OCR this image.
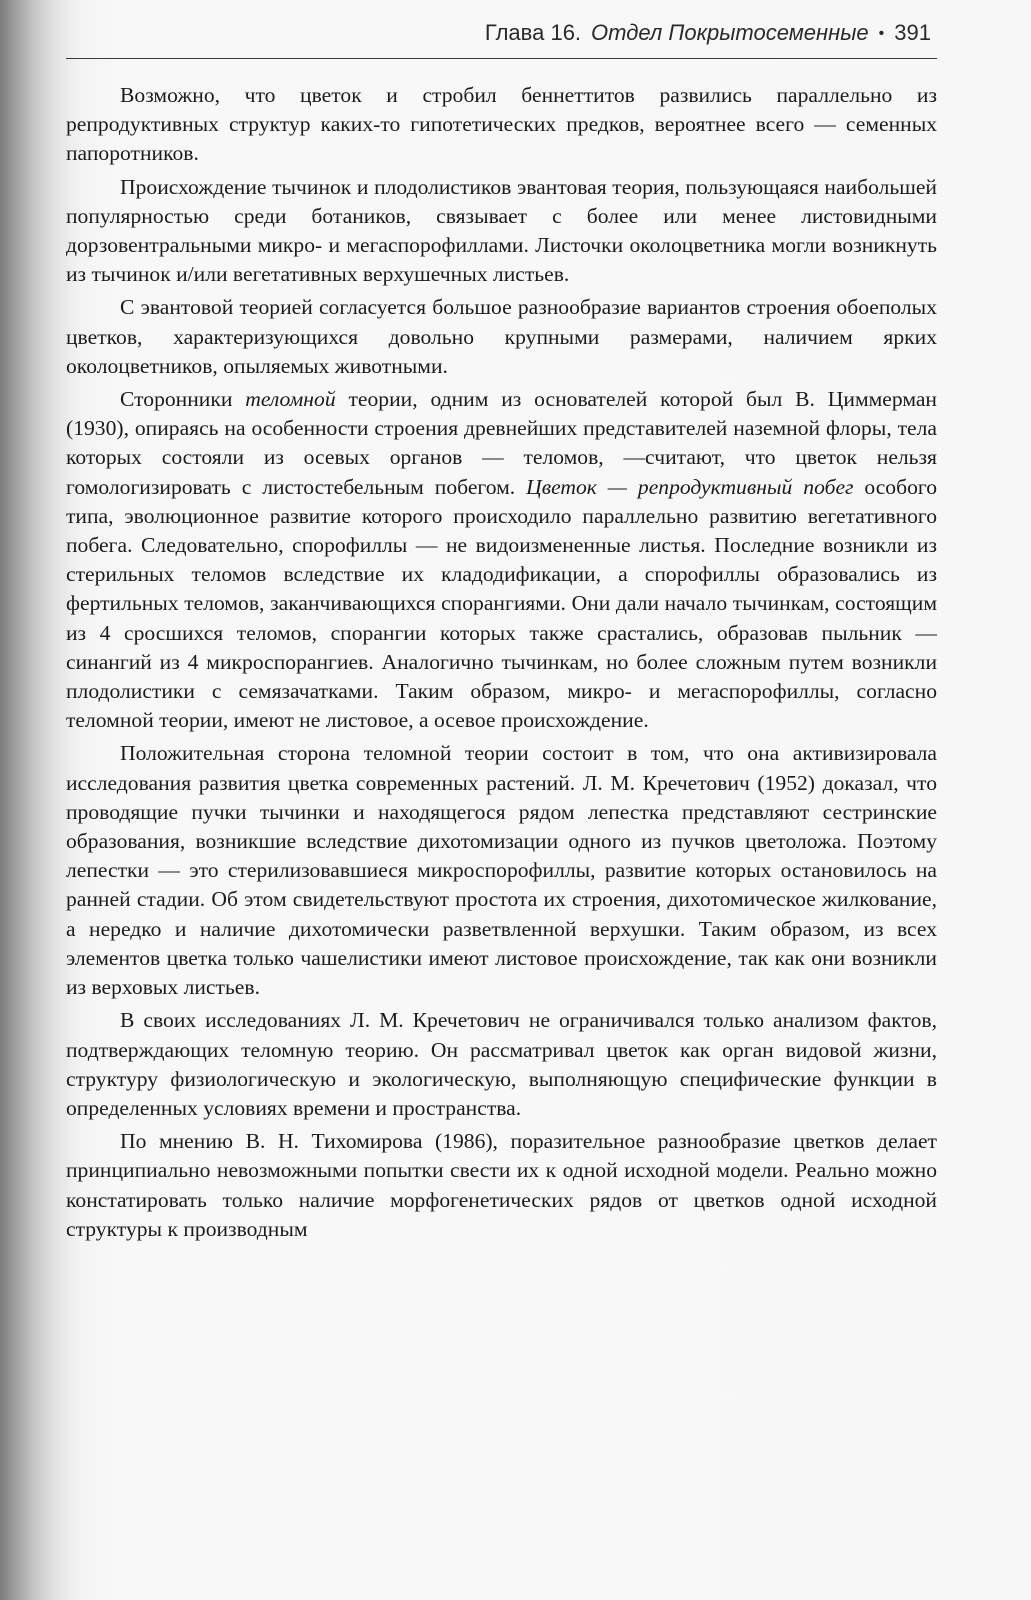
Глава 16. Отдел Покрытосеменные • 391

Возможно, что цветок и стробил беннеттитов развились параллельно из репродуктивных структур каких-то гипотетических предков, вероятнее всего — семенных папоротников.

Происхождение тычинок и плодолистиков эвантовая теория, пользующаяся наибольшей популярностью среди ботаников, связывает с более или менее листовидными дорзовентральными микро- и мегаспорофиллами. Листочки околоцветника могли возникнуть из тычинок и/или вегетативных верхушечных листьев.

С эвантовой теорией согласуется большое разнообразие вариантов строения обоеполых цветков, характеризующихся довольно крупными размерами, наличием ярких околоцветников, опыляемых животными.

Сторонники теломной теории, одним из основателей которой был В. Циммерман (1930), опираясь на особенности строения древнейших представителей наземной флоры, тела которых состояли из осевых органов — теломов, —считают, что цветок нельзя гомологизировать с листостебельным побегом. Цветок — репродуктивный побег особого типа, эволюционное развитие которого происходило параллельно развитию вегетативного побега. Следовательно, спорофиллы — не видоизмененные листья. Последние возникли из стерильных теломов вследствие их кладодификации, а спорофиллы образовались из фертильных теломов, заканчивающихся спорангиями. Они дали начало тычинкам, состоящим из 4 сросшихся теломов, спорангии которых также срастались, образовав пыльник — синангий из 4 микроспорангиев. Аналогично тычинкам, но более сложным путем возникли плодолистики с семязачатками. Таким образом, микро- и мегаспорофиллы, согласно теломной теории, имеют не листовое, а осевое происхождение.

Положительная сторона теломной теории состоит в том, что она активизировала исследования развития цветка современных растений. Л. М. Кречетович (1952) доказал, что проводящие пучки тычинки и находящегося рядом лепестка представляют сестринские образования, возникшие вследствие дихотомизации одного из пучков цветоложа. Поэтому лепестки — это стерилизовавшиеся микроспорофиллы, развитие которых остановилось на ранней стадии. Об этом свидетельствуют простота их строения, дихотомическое жилкование, а нередко и наличие дихотомически разветвленной верхушки. Таким образом, из всех элементов цветка только чашелистики имеют листовое происхождение, так как они возникли из верховых листьев.

В своих исследованиях Л. М. Кречетович не ограничивался только анализом фактов, подтверждающих теломную теорию. Он рассматривал цветок как орган видовой жизни, структуру физиологическую и экологическую, выполняющую специфические функции в определенных условиях времени и пространства.

По мнению В. Н. Тихомирова (1986), поразительное разнообразие цветков делает принципиально невозможными попытки свести их к одной исходной модели. Реально можно констатировать только наличие морфогенетических рядов от цветков одной исходной структуры к производным
